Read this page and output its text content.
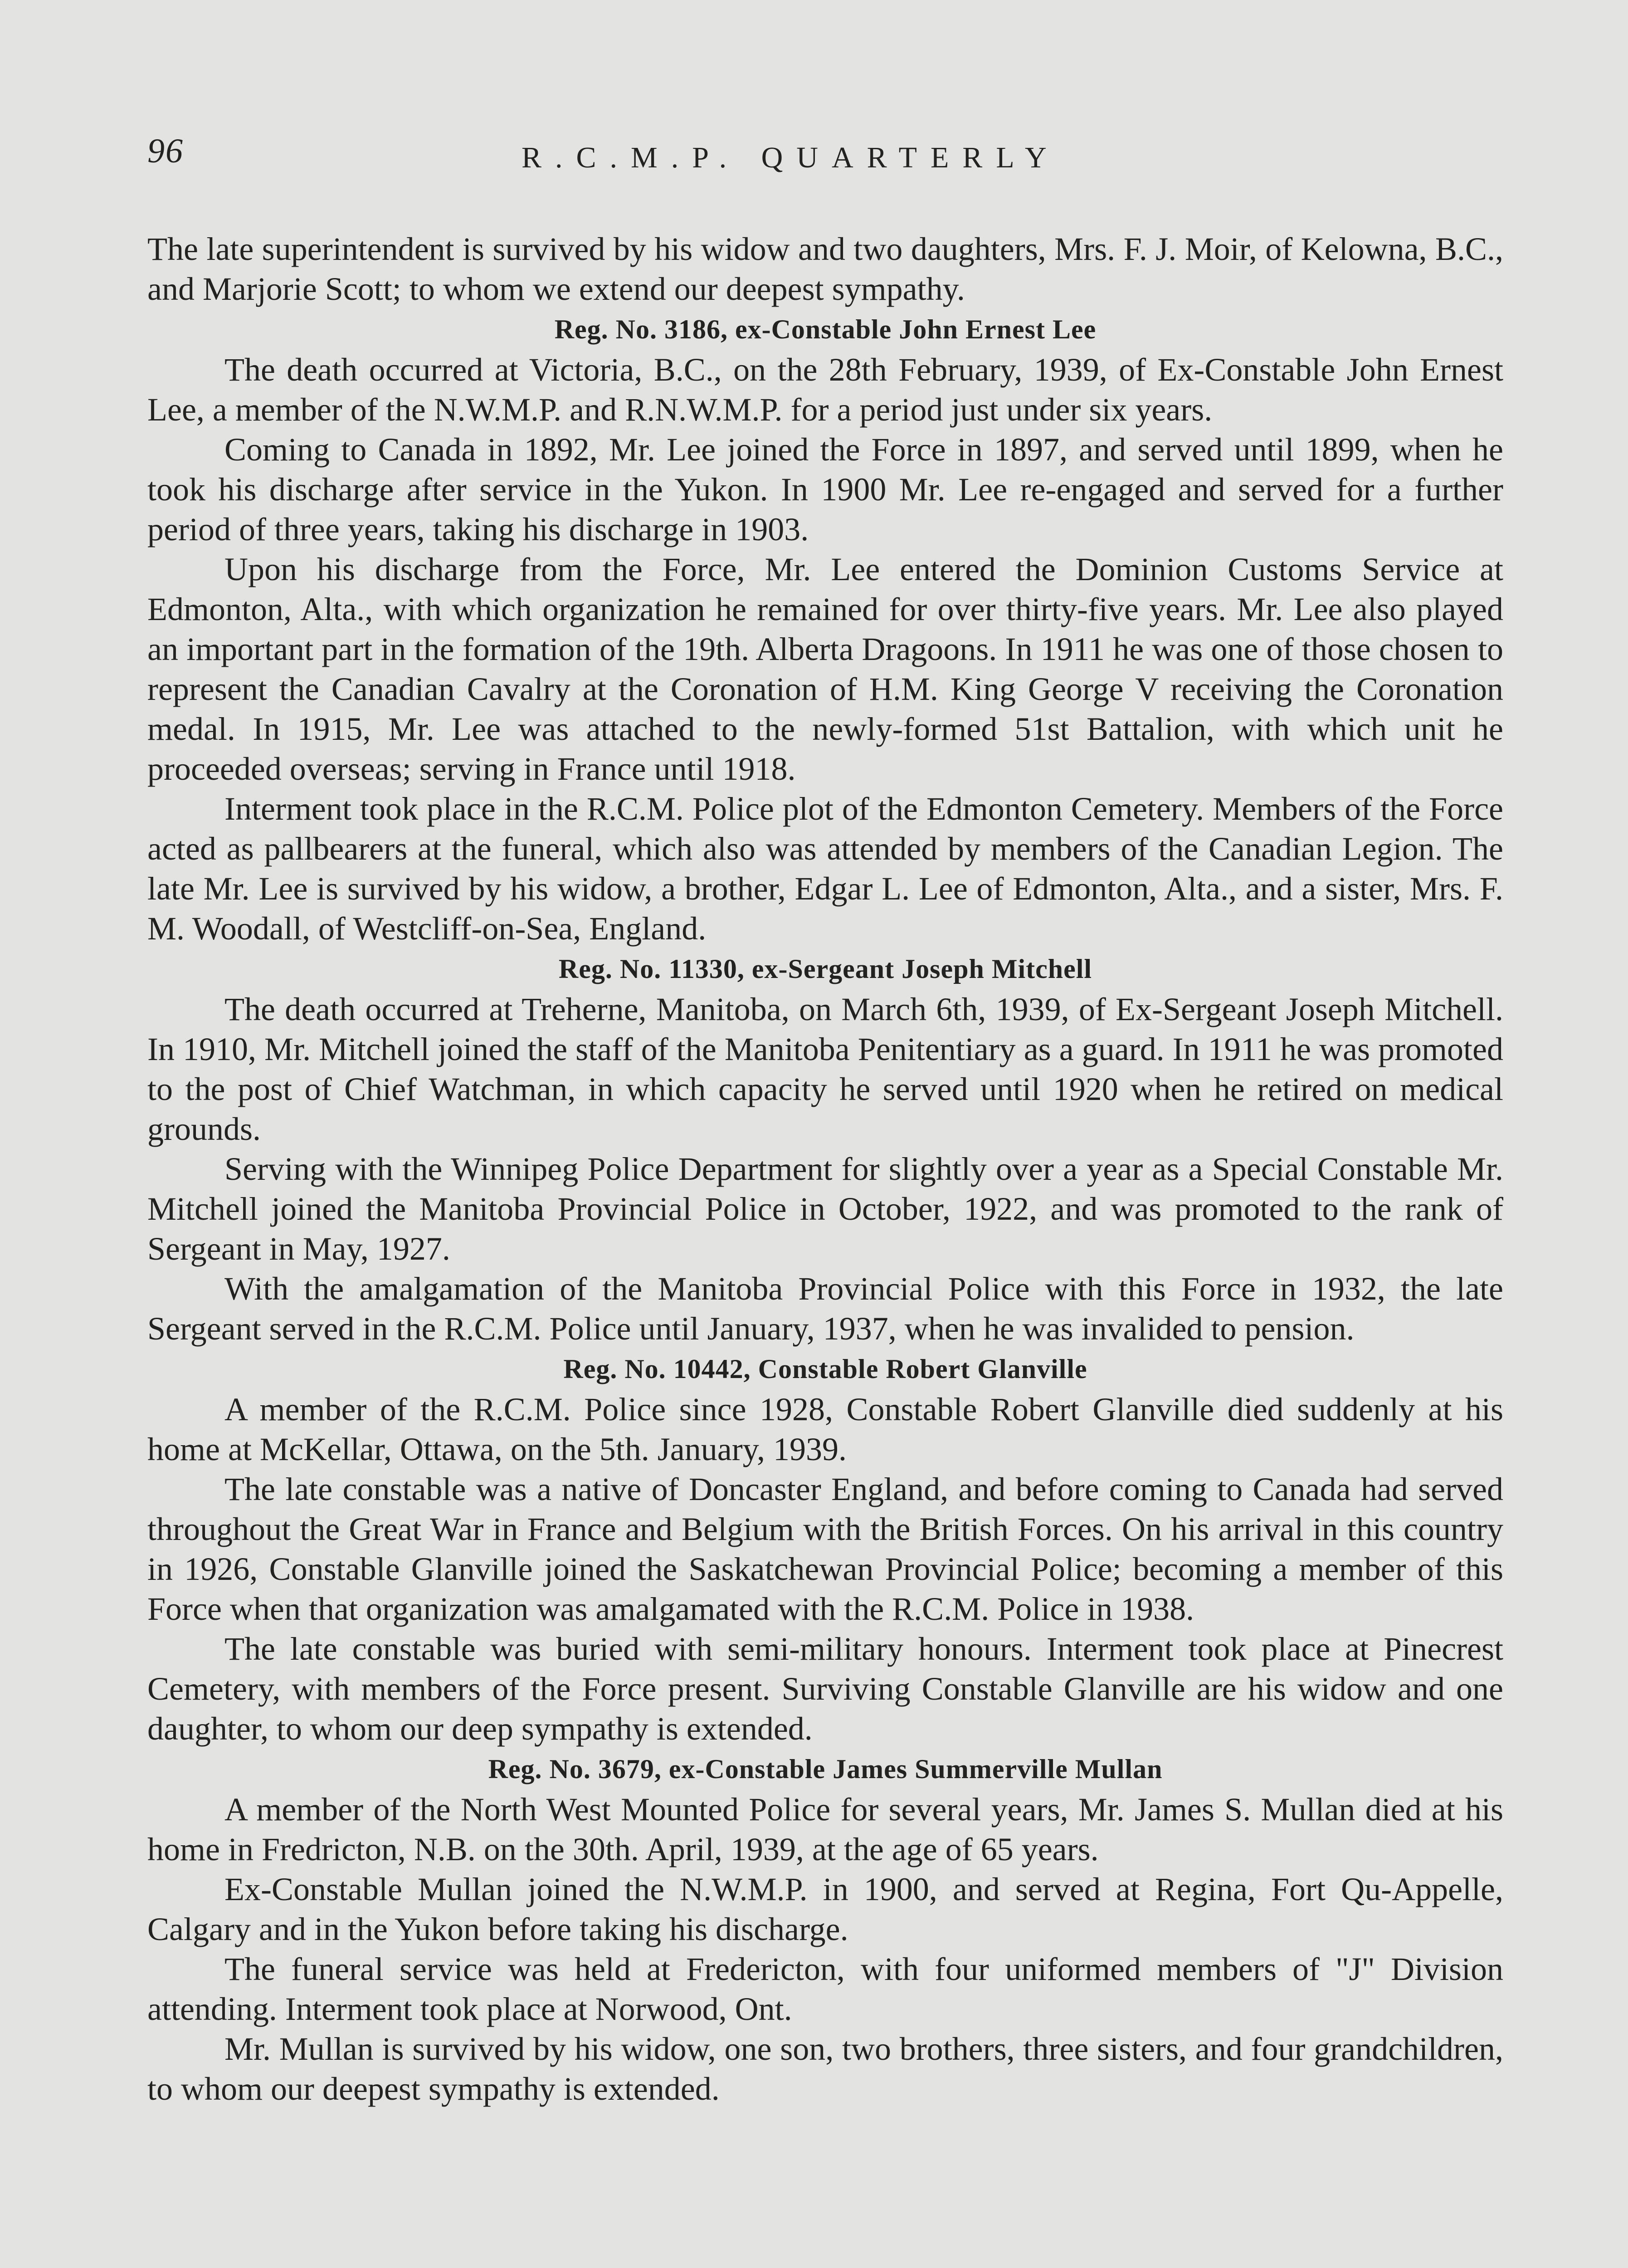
96	R.C.M.P. QUARTERLY

The late superintendent is survived by his widow and two daughters, Mrs. F. J. Moir, of Kelowna, B.C., and Marjorie Scott; to whom we extend our deepest sympathy.

Reg. No. 3186, ex-Constable John Ernest Lee

The death occurred at Victoria, B.C., on the 28th February, 1939, of Ex-Constable John Ernest Lee, a member of the N.W.M.P. and R.N.W.M.P. for a period just under six years.

Coming to Canada in 1892, Mr. Lee joined the Force in 1897, and served until 1899, when he took his discharge after service in the Yukon. In 1900 Mr. Lee re-engaged and served for a further period of three years, taking his discharge in 1903.

Upon his discharge from the Force, Mr. Lee entered the Dominion Customs Service at Edmonton, Alta., with which organization he remained for over thirty-five years. Mr. Lee also played an important part in the formation of the 19th. Alberta Dragoons. In 1911 he was one of those chosen to represent the Canadian Cavalry at the Coronation of H.M. King George V receiving the Coronation medal. In 1915, Mr. Lee was attached to the newly-formed 51st Battalion, with which unit he proceeded overseas; serving in France until 1918.

Interment took place in the R.C.M. Police plot of the Edmonton Cemetery. Members of the Force acted as pallbearers at the funeral, which also was attended by members of the Canadian Legion. The late Mr. Lee is survived by his widow, a brother, Edgar L. Lee of Edmonton, Alta., and a sister, Mrs. F. M. Woodall, of Westcliff-on-Sea, England.

Reg. No. 11330, ex-Sergeant Joseph Mitchell

The death occurred at Treherne, Manitoba, on March 6th, 1939, of Ex-Sergeant Joseph Mitchell. In 1910, Mr. Mitchell joined the staff of the Manitoba Penitentiary as a guard. In 1911 he was promoted to the post of Chief Watchman, in which capacity he served until 1920 when he retired on medical grounds.

Serving with the Winnipeg Police Department for slightly over a year as a Special Constable Mr. Mitchell joined the Manitoba Provincial Police in October, 1922, and was promoted to the rank of Sergeant in May, 1927.

With the amalgamation of the Manitoba Provincial Police with this Force in 1932, the late Sergeant served in the R.C.M. Police until January, 1937, when he was invalided to pension.

Reg. No. 10442, Constable Robert Glanville

A member of the R.C.M. Police since 1928, Constable Robert Glanville died suddenly at his home at McKellar, Ottawa, on the 5th. January, 1939.

The late constable was a native of Doncaster England, and before coming to Canada had served throughout the Great War in France and Belgium with the British Forces. On his arrival in this country in 1926, Constable Glanville joined the Saskatchewan Provincial Police; becoming a member of this Force when that organization was amalgamated with the R.C.M. Police in 1938.

The late constable was buried with semi-military honours. Interment took place at Pinecrest Cemetery, with members of the Force present. Surviving Constable Glanville are his widow and one daughter, to whom our deep sympathy is extended.

Reg. No. 3679, ex-Constable James Summerville Mullan

A member of the North West Mounted Police for several years, Mr. James S. Mullan died at his home in Fredricton, N.B. on the 30th. April, 1939, at the age of 65 years.

Ex-Constable Mullan joined the N.W.M.P. in 1900, and served at Regina, Fort Qu-Appelle, Calgary and in the Yukon before taking his discharge.

The funeral service was held at Fredericton, with four uniformed members of "J" Division attending. Interment took place at Norwood, Ont.

Mr. Mullan is survived by his widow, one son, two brothers, three sisters, and four grandchildren, to whom our deepest sympathy is extended.
